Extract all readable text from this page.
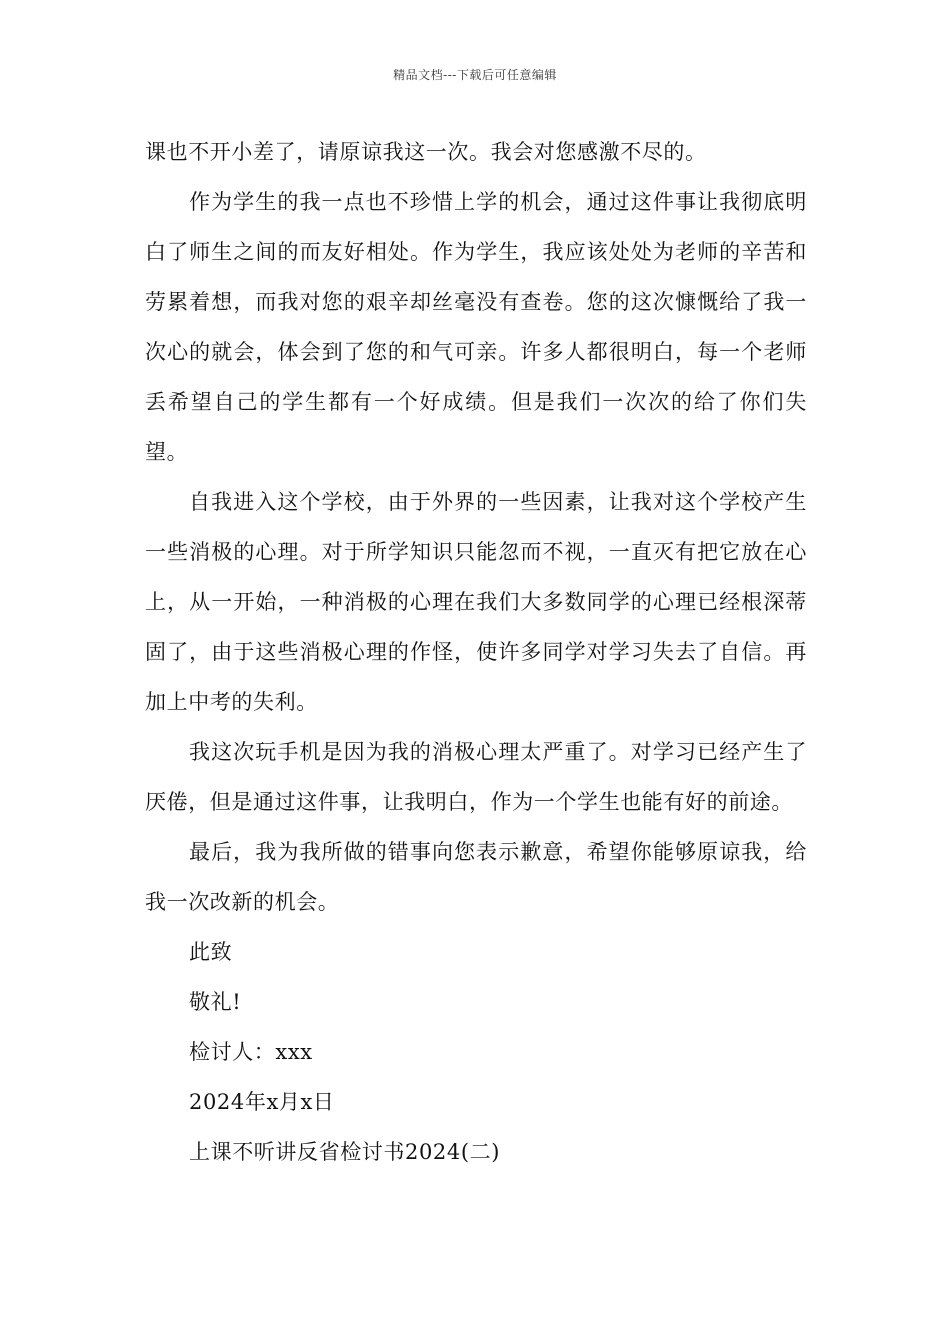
精品文档---下载后可任意编辑

课也不开小差了，请原谅我这一次。我会对您感激不尽的。

作为学生的我一点也不珍惜上学的机会，通过这件事让我彻底明白了师生之间的而友好相处。作为学生，我应该处处为老师的辛苦和劳累着想，而我对您的艰辛却丝毫没有查卷。您的这次慷慨给了我一次心的就会，体会到了您的和气可亲。许多人都很明白，每一个老师丢希望自己的学生都有一个好成绩。但是我们一次次的给了你们失望。

自我进入这个学校，由于外界的一些因素，让我对这个学校产生一些消极的心理。对于所学知识只能忽而不视，一直灭有把它放在心上，从一开始，一种消极的心理在我们大多数同学的心理已经根深蒂固了，由于这些消极心理的作怪，使许多同学对学习失去了自信。再加上中考的失利。

我这次玩手机是因为我的消极心理太严重了。对学习已经产生了厌倦，但是通过这件事，让我明白，作为一个学生也能有好的前途。

最后，我为我所做的错事向您表示歉意，希望你能够原谅我，给我一次改新的机会。

此致

敬礼!

检讨人：xxx

2024年x月x日

上课不听讲反省检讨书2024(二)
